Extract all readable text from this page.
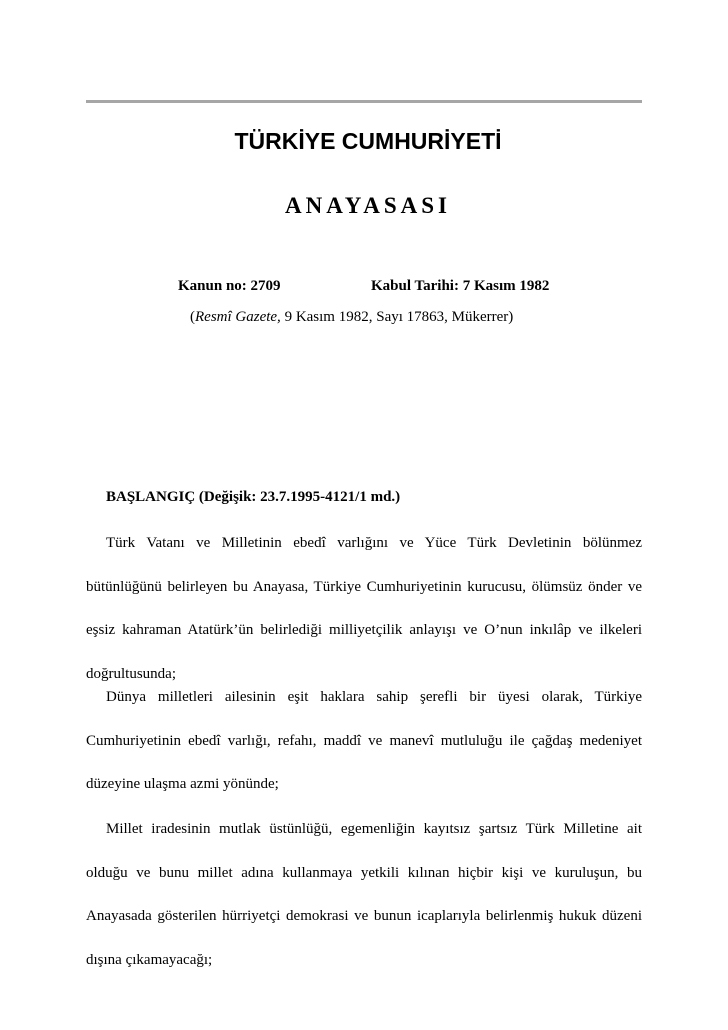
TÜRKİYE CUMHURİYETİ
ANAYASASI

Kanun no: 2709	Kabul Tarihi: 7 Kasım 1982

(Resmî Gazete, 9 Kasım 1982, Sayı 17863, Mükerrer)

BAŞLANGIÇ (Değişik: 23.7.1995-4121/1 md.)

Türk Vatanı ve Milletinin ebedî varlığını ve Yüce Türk Devletinin bölünmez bütünlüğünü belirleyen bu Anayasa, Türkiye Cumhuriyetinin kurucusu, ölümsüz önder ve eşsiz kahraman Atatürk’ün belirlediği milliyetçilik anlayışı ve O’nun inkılâp ve ilkeleri doğrultusunda;

Dünya milletleri ailesinin eşit haklara sahip şerefli bir üyesi olarak, Türkiye Cumhuriyetinin ebedî varlığı, refahı, maddî ve manevî mutluluğu ile çağdaş medeniyet düzeyine ulaşma azmi yönünde;

Millet iradesinin mutlak üstünlüğü, egemenliğin kayıtsız şartsız Türk Milletine ait olduğu ve bunu millet adına kullanmaya yetkili kılınan hiçbir kişi ve kuruluşun, bu Anayasada gösterilen hürriyetçi demokrasi ve bunun icaplarıyla belirlenmiş hukuk düzeni dışına çıkamayacağı;
